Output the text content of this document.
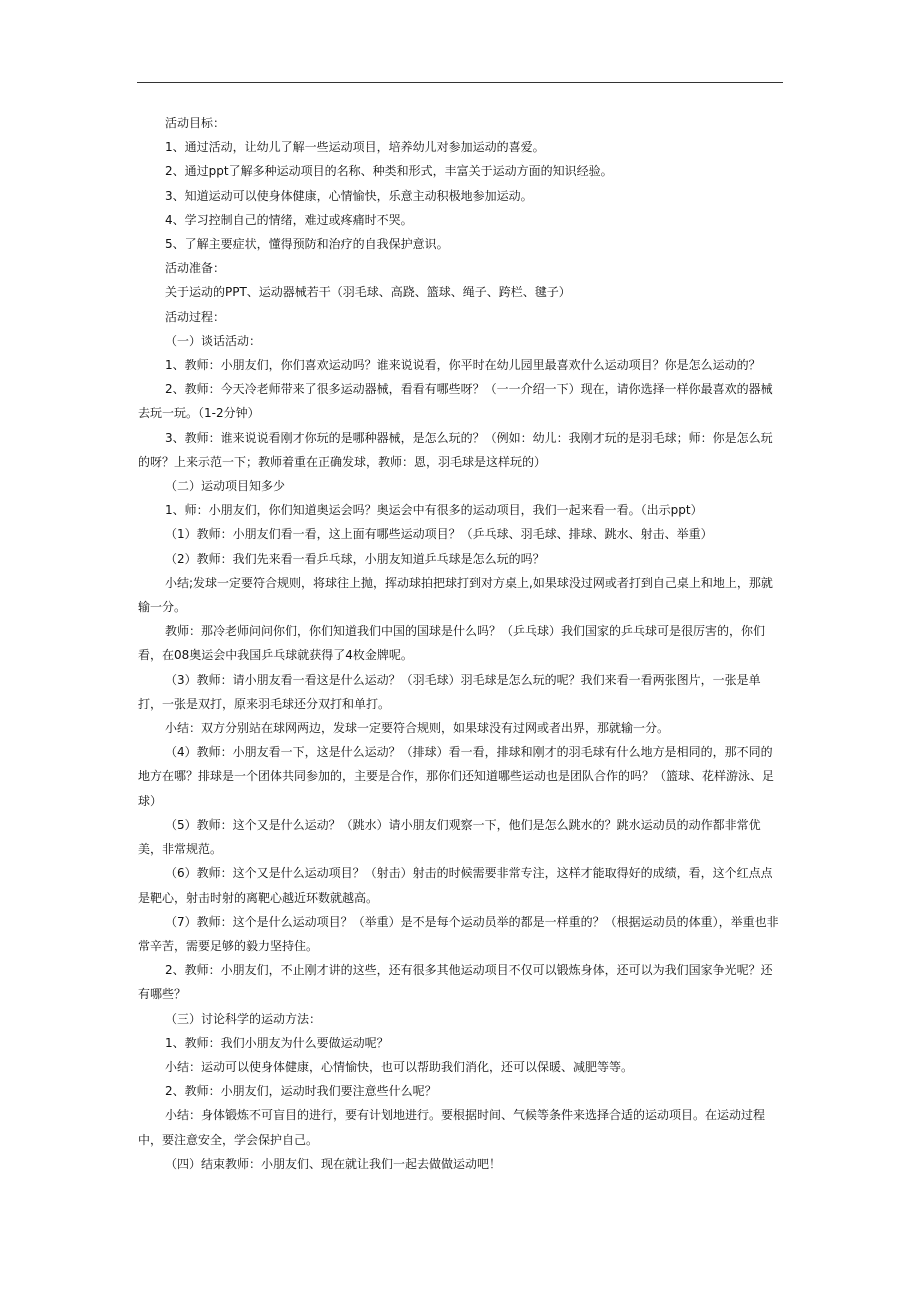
活动目标：

1、通过活动，让幼儿了解一些运动项目，培养幼儿对参加运动的喜爱。

2、通过ppt了解多种运动项目的名称、种类和形式，丰富关于运动方面的知识经验。

3、知道运动可以使身体健康，心情愉快，乐意主动积极地参加运动。

4、学习控制自己的情绪，难过或疼痛时不哭。

5、了解主要症状，懂得预防和治疗的自我保护意识。

活动准备：

关于运动的PPT、运动器械若干（羽毛球、高跷、篮球、绳子、跨栏、毽子）

活动过程：

（一）谈话活动：

1、教师：小朋友们，你们喜欢运动吗？谁来说说看，你平时在幼儿园里最喜欢什么运动项目？你是怎么运动的？

2、教师：今天冷老师带来了很多运动器械，看看有哪些呀？（一一介绍一下）现在，请你选择一样你最喜欢的器械去玩一玩。（1-2分钟）

3、教师：谁来说说看刚才你玩的是哪种器械，是怎么玩的？（例如：幼儿：我刚才玩的是羽毛球；师：你是怎么玩的呀？上来示范一下；教师着重在正确发球，教师：恩，羽毛球是这样玩的）

（二）运动项目知多少

1、师：小朋友们，你们知道奥运会吗？奥运会中有很多的运动项目，我们一起来看一看。（出示ppt）

（1）教师：小朋友们看一看，这上面有哪些运动项目？（乒乓球、羽毛球、排球、跳水、射击、举重）

（2）教师：我们先来看一看乒乓球，小朋友知道乒乓球是怎么玩的吗？

小结;发球一定要符合规则，将球往上抛，挥动球拍把球打到对方桌上,如果球没过网或者打到自己桌上和地上，那就输一分。

教师：那冷老师问问你们，你们知道我们中国的国球是什么吗？（乒乓球）我们国家的乒乓球可是很厉害的，你们看，在08奥运会中我国乒乓球就获得了4枚金牌呢。

（3）教师：请小朋友看一看这是什么运动？（羽毛球）羽毛球是怎么玩的呢？我们来看一看两张图片，一张是单打，一张是双打，原来羽毛球还分双打和单打。

小结：双方分别站在球网两边，发球一定要符合规则，如果球没有过网或者出界，那就输一分。

（4）教师：小朋友看一下，这是什么运动？（排球）看一看，排球和刚才的羽毛球有什么地方是相同的，那不同的地方在哪？排球是一个团体共同参加的，主要是合作，那你们还知道哪些运动也是团队合作的吗？（篮球、花样游泳、足球）

（5）教师：这个又是什么运动？（跳水）请小朋友们观察一下，他们是怎么跳水的？跳水运动员的动作都非常优美，非常规范。

（6）教师：这个又是什么运动项目？（射击）射击的时候需要非常专注，这样才能取得好的成绩，看，这个红点点是靶心，射击时射的离靶心越近环数就越高。

（7）教师：这个是什么运动项目？（举重）是不是每个运动员举的都是一样重的？（根据运动员的体重），举重也非常辛苦，需要足够的毅力坚持住。

2、教师：小朋友们，不止刚才讲的这些，还有很多其他运动项目不仅可以锻炼身体，还可以为我们国家争光呢？还有哪些？

（三）讨论科学的运动方法：

1、教师：我们小朋友为什么要做运动呢？

小结：运动可以使身体健康，心情愉快，也可以帮助我们消化，还可以保暖、减肥等等。

2、教师：小朋友们，运动时我们要注意些什么呢？

小结：身体锻炼不可盲目的进行，要有计划地进行。要根据时间、气候等条件来选择合适的运动项目。在运动过程中，要注意安全，学会保护自己。

（四）结束教师：小朋友们、现在就让我们一起去做做运动吧！
